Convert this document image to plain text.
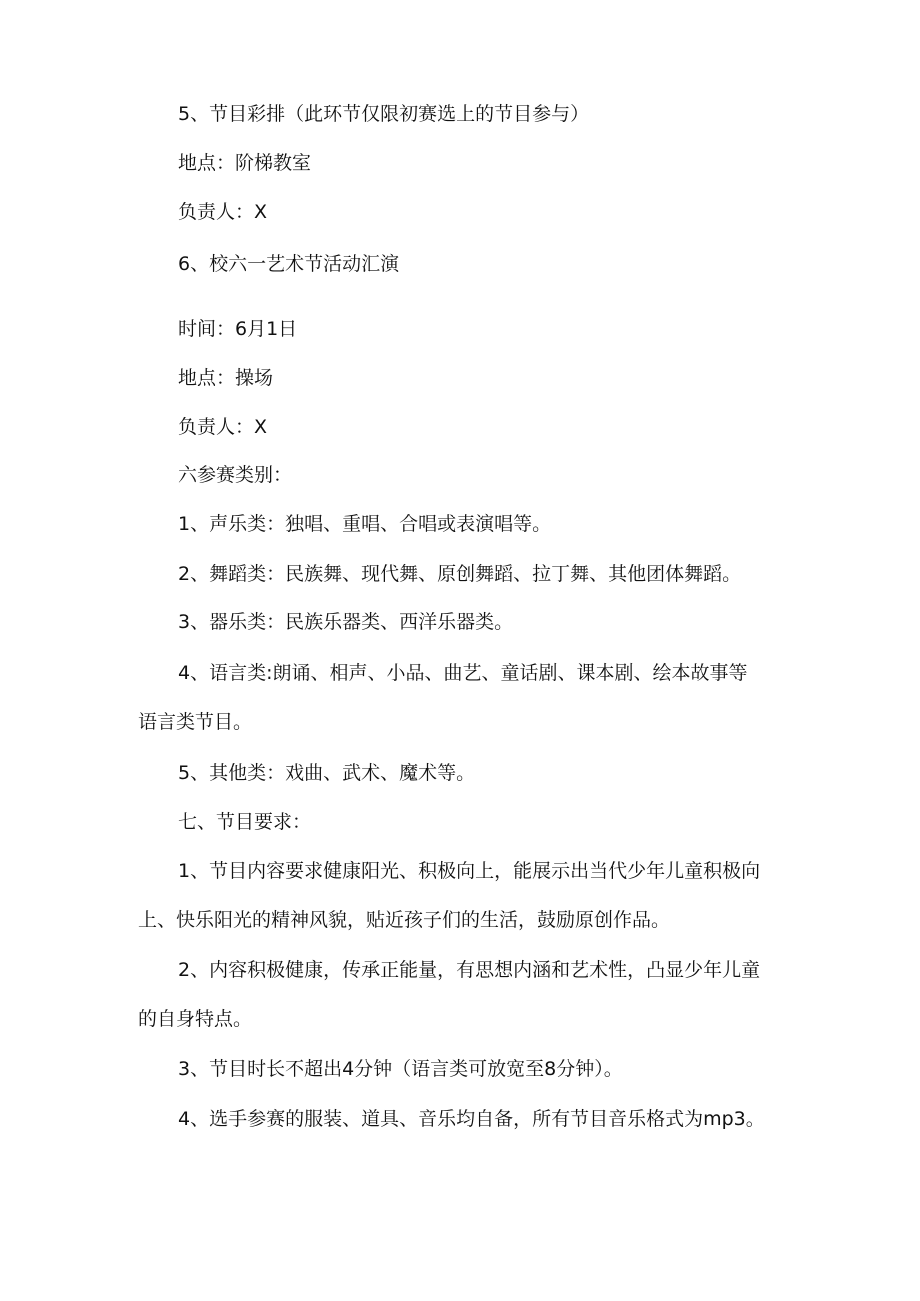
5、节目彩排（此环节仅限初赛选上的节目参与）
地点：阶梯教室
负责人：X
6、校六一艺术节活动汇演
时间：6月1日
地点：操场
负责人：X
六参赛类别：
1、声乐类：独唱、重唱、合唱或表演唱等。
2、舞蹈类：民族舞、现代舞、原创舞蹈、拉丁舞、其他团体舞蹈。
3、器乐类：民族乐器类、西洋乐器类。
4、语言类:朗诵、相声、小品、曲艺、童话剧、课本剧、绘本故事等
语言类节目。
5、其他类：戏曲、武术、魔术等。
七、节目要求：
1、节目内容要求健康阳光、积极向上，能展示出当代少年儿童积极向
上、快乐阳光的精神风貌，贴近孩子们的生活，鼓励原创作品。
2、内容积极健康，传承正能量，有思想内涵和艺术性，凸显少年儿童
的自身特点。
3、节目时长不超出4分钟（语言类可放宽至8分钟）。
4、选手参赛的服装、道具、音乐均自备，所有节目音乐格式为mp3。
